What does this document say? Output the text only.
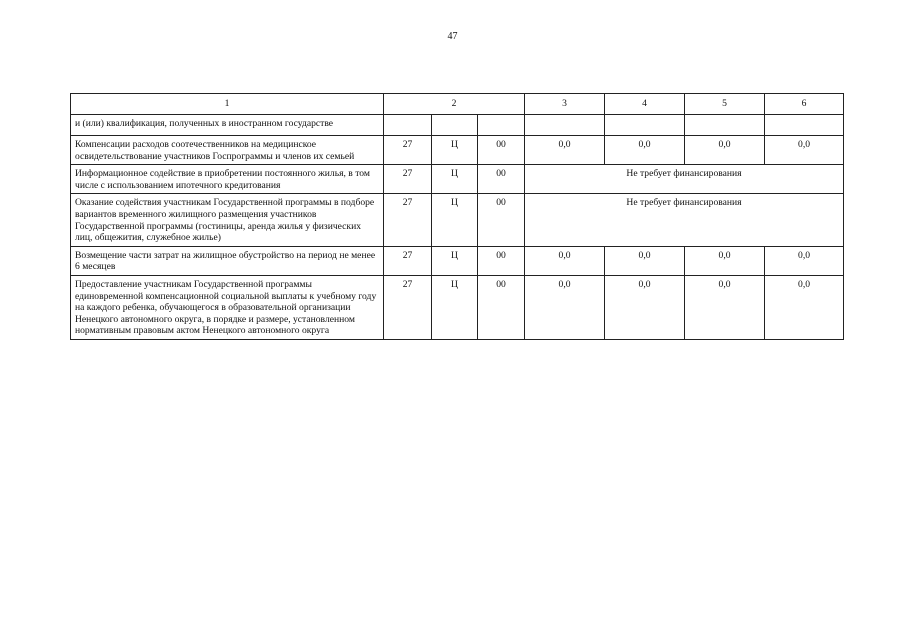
47
1	2			3	4	5	6
и (или) квалификация, полученных в иностранном государстве							
Компенсации расходов соотечественников на медицинское освидетельствование участников Госпрограммы и членов их семьей	27	Ц	00	0,0	0,0	0,0	0,0
Информационное содействие в приобретении постоянного жилья, в том числе с использованием ипотечного кредитования	27	Ц	00	Не требует финансирования			
Оказание содействия участникам Государственной программы в подборе вариантов временного жилищного размещения участников Государственной программы (гостиницы, аренда жилья у физических лиц, общежития, служебное жилье)	27	Ц	00	Не требует финансирования			
Возмещение части затрат на жилищное обустройство на период не менее 6 месяцев	27	Ц	00	0,0	0,0	0,0	0,0
Предоставление участникам Государственной программы единовременной компенсационной социальной выплаты к учебному году на каждого ребенка, обучающегося в образовательной организации Ненецкого автономного округа, в порядке и размере, установленном нормативным правовым актом Ненецкого автономного округа	27	Ц	00	0,0	0,0	0,0	0,0
